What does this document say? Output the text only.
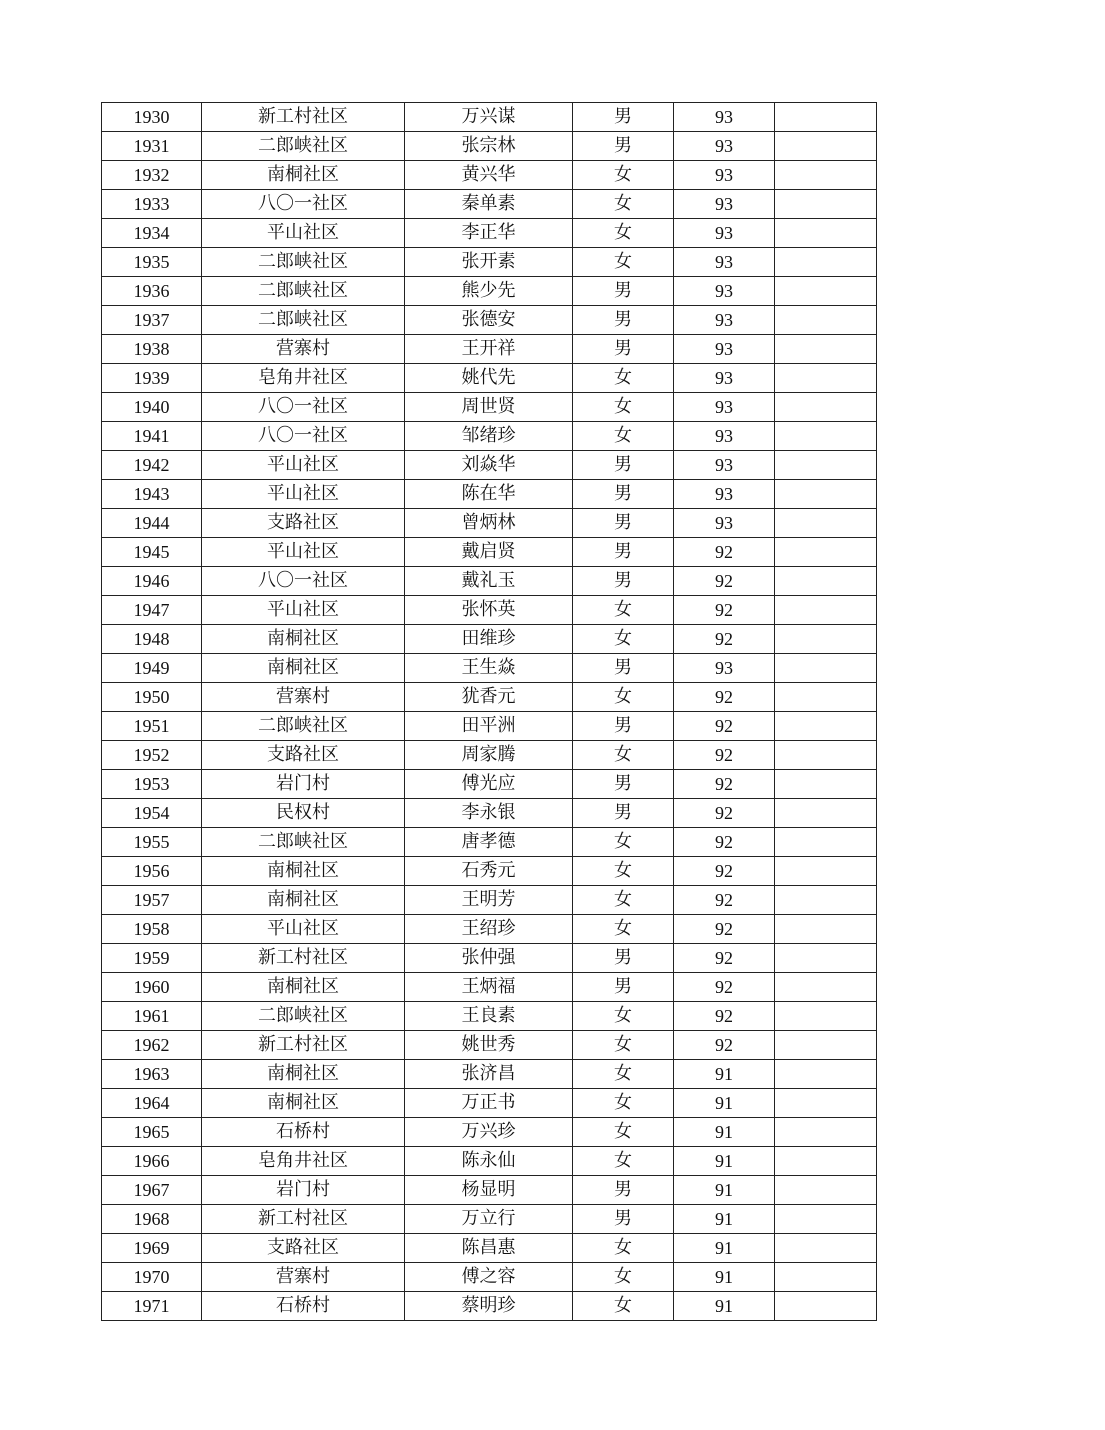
1930	新工村社区	万兴谋	男	93	
1931	二郎峡社区	张宗林	男	93	
1932	南桐社区	黄兴华	女	93	
1933	八〇一社区	秦单素	女	93	
1934	平山社区	李正华	女	93	
1935	二郎峡社区	张开素	女	93	
1936	二郎峡社区	熊少先	男	93	
1937	二郎峡社区	张德安	男	93	
1938	营寨村	王开祥	男	93	
1939	皂角井社区	姚代先	女	93	
1940	八〇一社区	周世贤	女	93	
1941	八〇一社区	邹绪珍	女	93	
1942	平山社区	刘焱华	男	93	
1943	平山社区	陈在华	男	93	
1944	支路社区	曾炳林	男	93	
1945	平山社区	戴启贤	男	92	
1946	八〇一社区	戴礼玉	男	92	
1947	平山社区	张怀英	女	92	
1948	南桐社区	田维珍	女	92	
1949	南桐社区	王生焱	男	93	
1950	营寨村	犹香元	女	92	
1951	二郎峡社区	田平洲	男	92	
1952	支路社区	周家腾	女	92	
1953	岩门村	傅光应	男	92	
1954	民权村	李永银	男	92	
1955	二郎峡社区	唐孝德	女	92	
1956	南桐社区	石秀元	女	92	
1957	南桐社区	王明芳	女	92	
1958	平山社区	王绍珍	女	92	
1959	新工村社区	张仲强	男	92	
1960	南桐社区	王炳福	男	92	
1961	二郎峡社区	王良素	女	92	
1962	新工村社区	姚世秀	女	92	
1963	南桐社区	张济昌	女	91	
1964	南桐社区	万正书	女	91	
1965	石桥村	万兴珍	女	91	
1966	皂角井社区	陈永仙	女	91	
1967	岩门村	杨显明	男	91	
1968	新工村社区	万立行	男	91	
1969	支路社区	陈昌惠	女	91	
1970	营寨村	傅之容	女	91	
1971	石桥村	蔡明珍	女	91	
